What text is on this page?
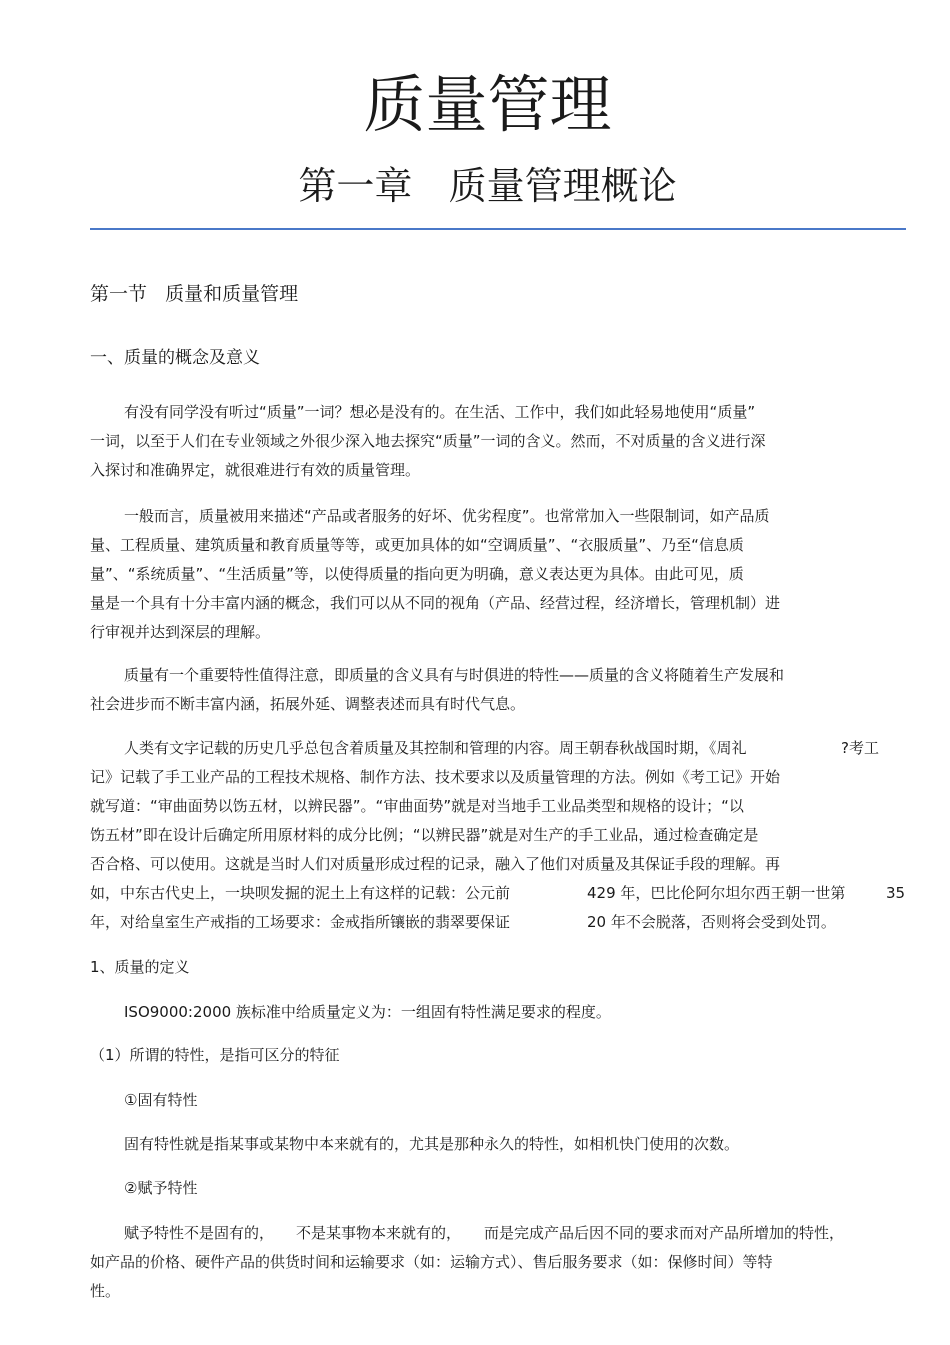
质量管理
第一章   质量管理概论
第一节   质量和质量管理
一、质量的概念及意义
有没有同学没有听过“质量”一词？想必是没有的。在生活、工作中，我们如此轻易地使用“质量”
一词，以至于人们在专业领域之外很少深入地去探究“质量”一词的含义。然而，不对质量的含义进行深
入探讨和准确界定，就很难进行有效的质量管理。
一般而言，质量被用来描述“产品或者服务的好坏、优劣程度”。也常常加入一些限制词，如产品质
量、工程质量、建筑质量和教育质量等等，或更加具体的如“空调质量”、“衣服质量”、乃至“信息质
量”、“系统质量”、“生活质量”等，以使得质量的指向更为明确，意义表达更为具体。由此可见，质
量是一个具有十分丰富内涵的概念，我们可以从不同的视角（产品、经营过程，经济增长，管理机制）进
行审视并达到深层的理解。
质量有一个重要特性值得注意，即质量的含义具有与时俱进的特性——质量的含义将随着生产发展和
社会进步而不断丰富内涵，拓展外延、调整表述而具有时代气息。
人类有文字记载的历史几乎总包含着质量及其控制和管理的内容。周王朝春秋战国时期，《周礼	?考工
记》记载了手工业产品的工程技术规格、制作方法、技术要求以及质量管理的方法。例如《考工记》开始
就写道：“审曲面势以饬五材，以辨民器”。“审曲面势”就是对当地手工业品类型和规格的设计；“以
饬五材”即在设计后确定所用原材料的成分比例；“以辨民器”就是对生产的手工业品，通过检查确定是
否合格、可以使用。这就是当时人们对质量形成过程的记录，融入了他们对质量及其保证手段的理解。再
如，中东古代史上，一块呗发掘的泥土上有这样的记载：公元前	429 年，巴比伦阿尔坦尔西王朝一世第	35
年，对给皇室生产戒指的工场要求：金戒指所镶嵌的翡翠要保证	20 年不会脱落，否则将会受到处罚。
1、质量的定义
ISO9000:2000 族标准中给质量定义为：一组固有特性满足要求的程度。
（1）所谓的特性，是指可区分的特征
①固有特性
固有特性就是指某事或某物中本来就有的，尤其是那种永久的特性，如相机快门使用的次数。
②赋予特性
赋予特性不是固有的， 不是某事物本来就有的， 而是完成产品后因不同的要求而对产品所增加的特性，
如产品的价格、硬件产品的供货时间和运输要求（如：运输方式）、售后服务要求（如：保修时间）等特
性。
